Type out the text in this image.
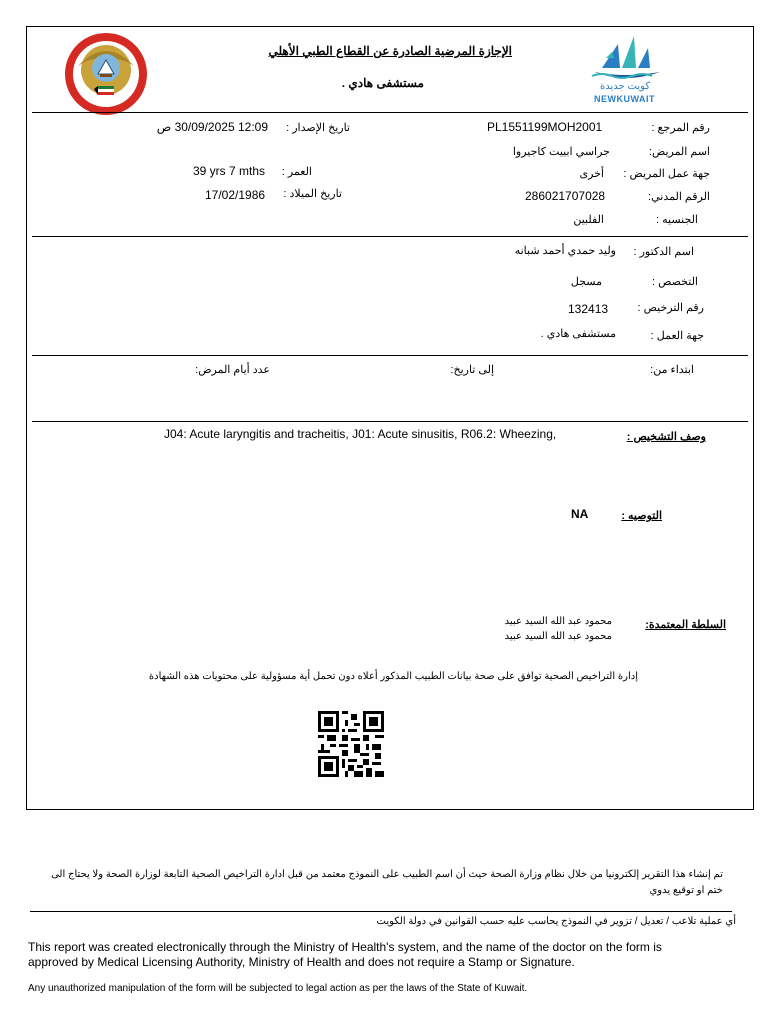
كويت جديدة
NEWKUWAIT
الإجازة المرضية الصادرة عن القطاع الطبي الأهلي
مستشفى هادي .
رقم المرجع :
PL1551199MOH2001
تاريخ الإصدار :
12:09 30/09/2025 ص
اسم المريض:
جراسي ابييت كاجيروا
جهة عمل المريض :
أخرى
العمر :
39 yrs 7 mths
الرقم المدني:
286021707028
تاريخ الميلاد :
17/02/1986
الجنسيه :
الفلبين
اسم الدكتور :
وليد حمدي أحمد شبانه
التخصص :
مسجل
رقم الترخيص :
132413
جهة العمل :
مستشفى هادي .
ابتداء من:
إلى تاريخ:
عدد أيام المرض:
وصف التشخيص :
J04: Acute laryngitis and tracheitis, J01: Acute sinusitis, R06.2: Wheezing,
التوصيه :
NA
السلطة المعتمدة:
محمود عبد الله السيد عبيد
محمود عبد الله السيد عبيد
إدارة التراخيص الصحية توافق على صحة بيانات الطبيب المذكور أعلاه دون تحمل أية مسؤولية على محتويات هذه الشهادة
تم إنشاء هذا التقرير إلكترونيا من خلال نظام وزارة الصحة حيث أن اسم الطبيب على النموذج معتمد من قبل ادارة التراخيص الصحية التابعة لوزارة الصحة ولا يحتاج الى
ختم او توقيع يدوي
أي عملية تلاعب / تعديل / تزوير في النموذج يحاسب عليه حسب القوانين في دولة الكويت
This report was created electronically through the Ministry of Health's system, and the name of the doctor on the form is
approved by Medical Licensing Authority, Ministry of Health and does not require a Stamp or Signature.
Any unauthorized manipulation of the form will be subjected to legal action as per the laws of the State of Kuwait.
